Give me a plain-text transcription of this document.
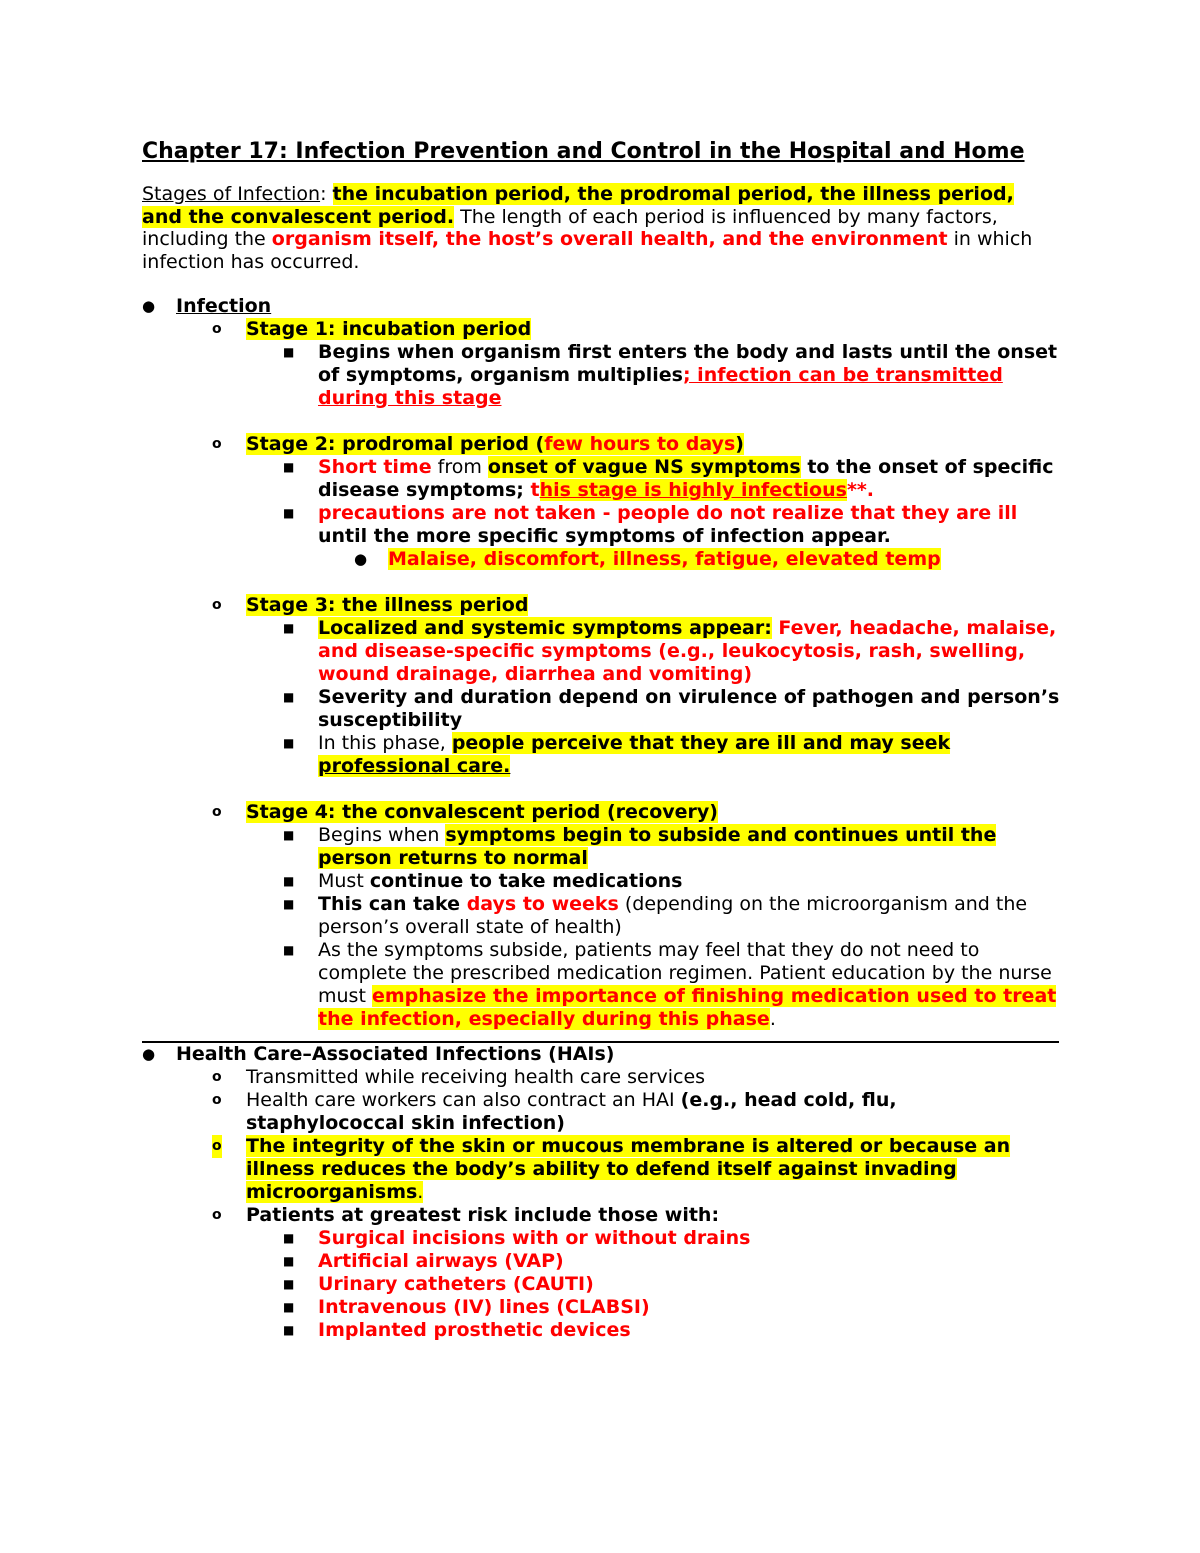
Chapter 17: Infection Prevention and Control in the Hospital and Home
Stages of Infection: the incubation period, the prodromal period, the illness period, and the convalescent period. The length of each period is influenced by many factors, including the organism itself, the host’s overall health, and the environment in which infection has occurred.
● Infection
o Stage 1: incubation period
■ Begins when organism first enters the body and lasts until the onset of symptoms, organism multiplies; infection can be transmitted during this stage
o Stage 2: prodromal period (few hours to days)
■ Short time from onset of vague NS symptoms to the onset of specific disease symptoms; this stage is highly infectious**.
■ precautions are not taken - people do not realize that they are ill until the more specific symptoms of infection appear.
● Malaise, discomfort, illness, fatigue, elevated temp
o Stage 3: the illness period
■ Localized and systemic symptoms appear: Fever, headache, malaise, and disease-specific symptoms (e.g., leukocytosis, rash, swelling, wound drainage, diarrhea and vomiting)
■ Severity and duration depend on virulence of pathogen and person’s susceptibility
■ In this phase, people perceive that they are ill and may seek professional care.
o Stage 4: the convalescent period (recovery)
■ Begins when symptoms begin to subside and continues until the person returns to normal
■ Must continue to take medications
■ This can take days to weeks (depending on the microorganism and the person’s overall state of health)
■ As the symptoms subside, patients may feel that they do not need to complete the prescribed medication regimen. Patient education by the nurse must emphasize the importance of finishing medication used to treat the infection, especially during this phase.
● Health Care–Associated Infections (HAIs)
o Transmitted while receiving health care services
o Health care workers can also contract an HAI (e.g., head cold, flu, staphylococcal skin infection)
o The integrity of the skin or mucous membrane is altered or because an illness reduces the body’s ability to defend itself against invading microorganisms.
o Patients at greatest risk include those with:
■ Surgical incisions with or without drains
■ Artificial airways (VAP)
■ Urinary catheters (CAUTI)
■ Intravenous (IV) lines (CLABSI)
■ Implanted prosthetic devices
